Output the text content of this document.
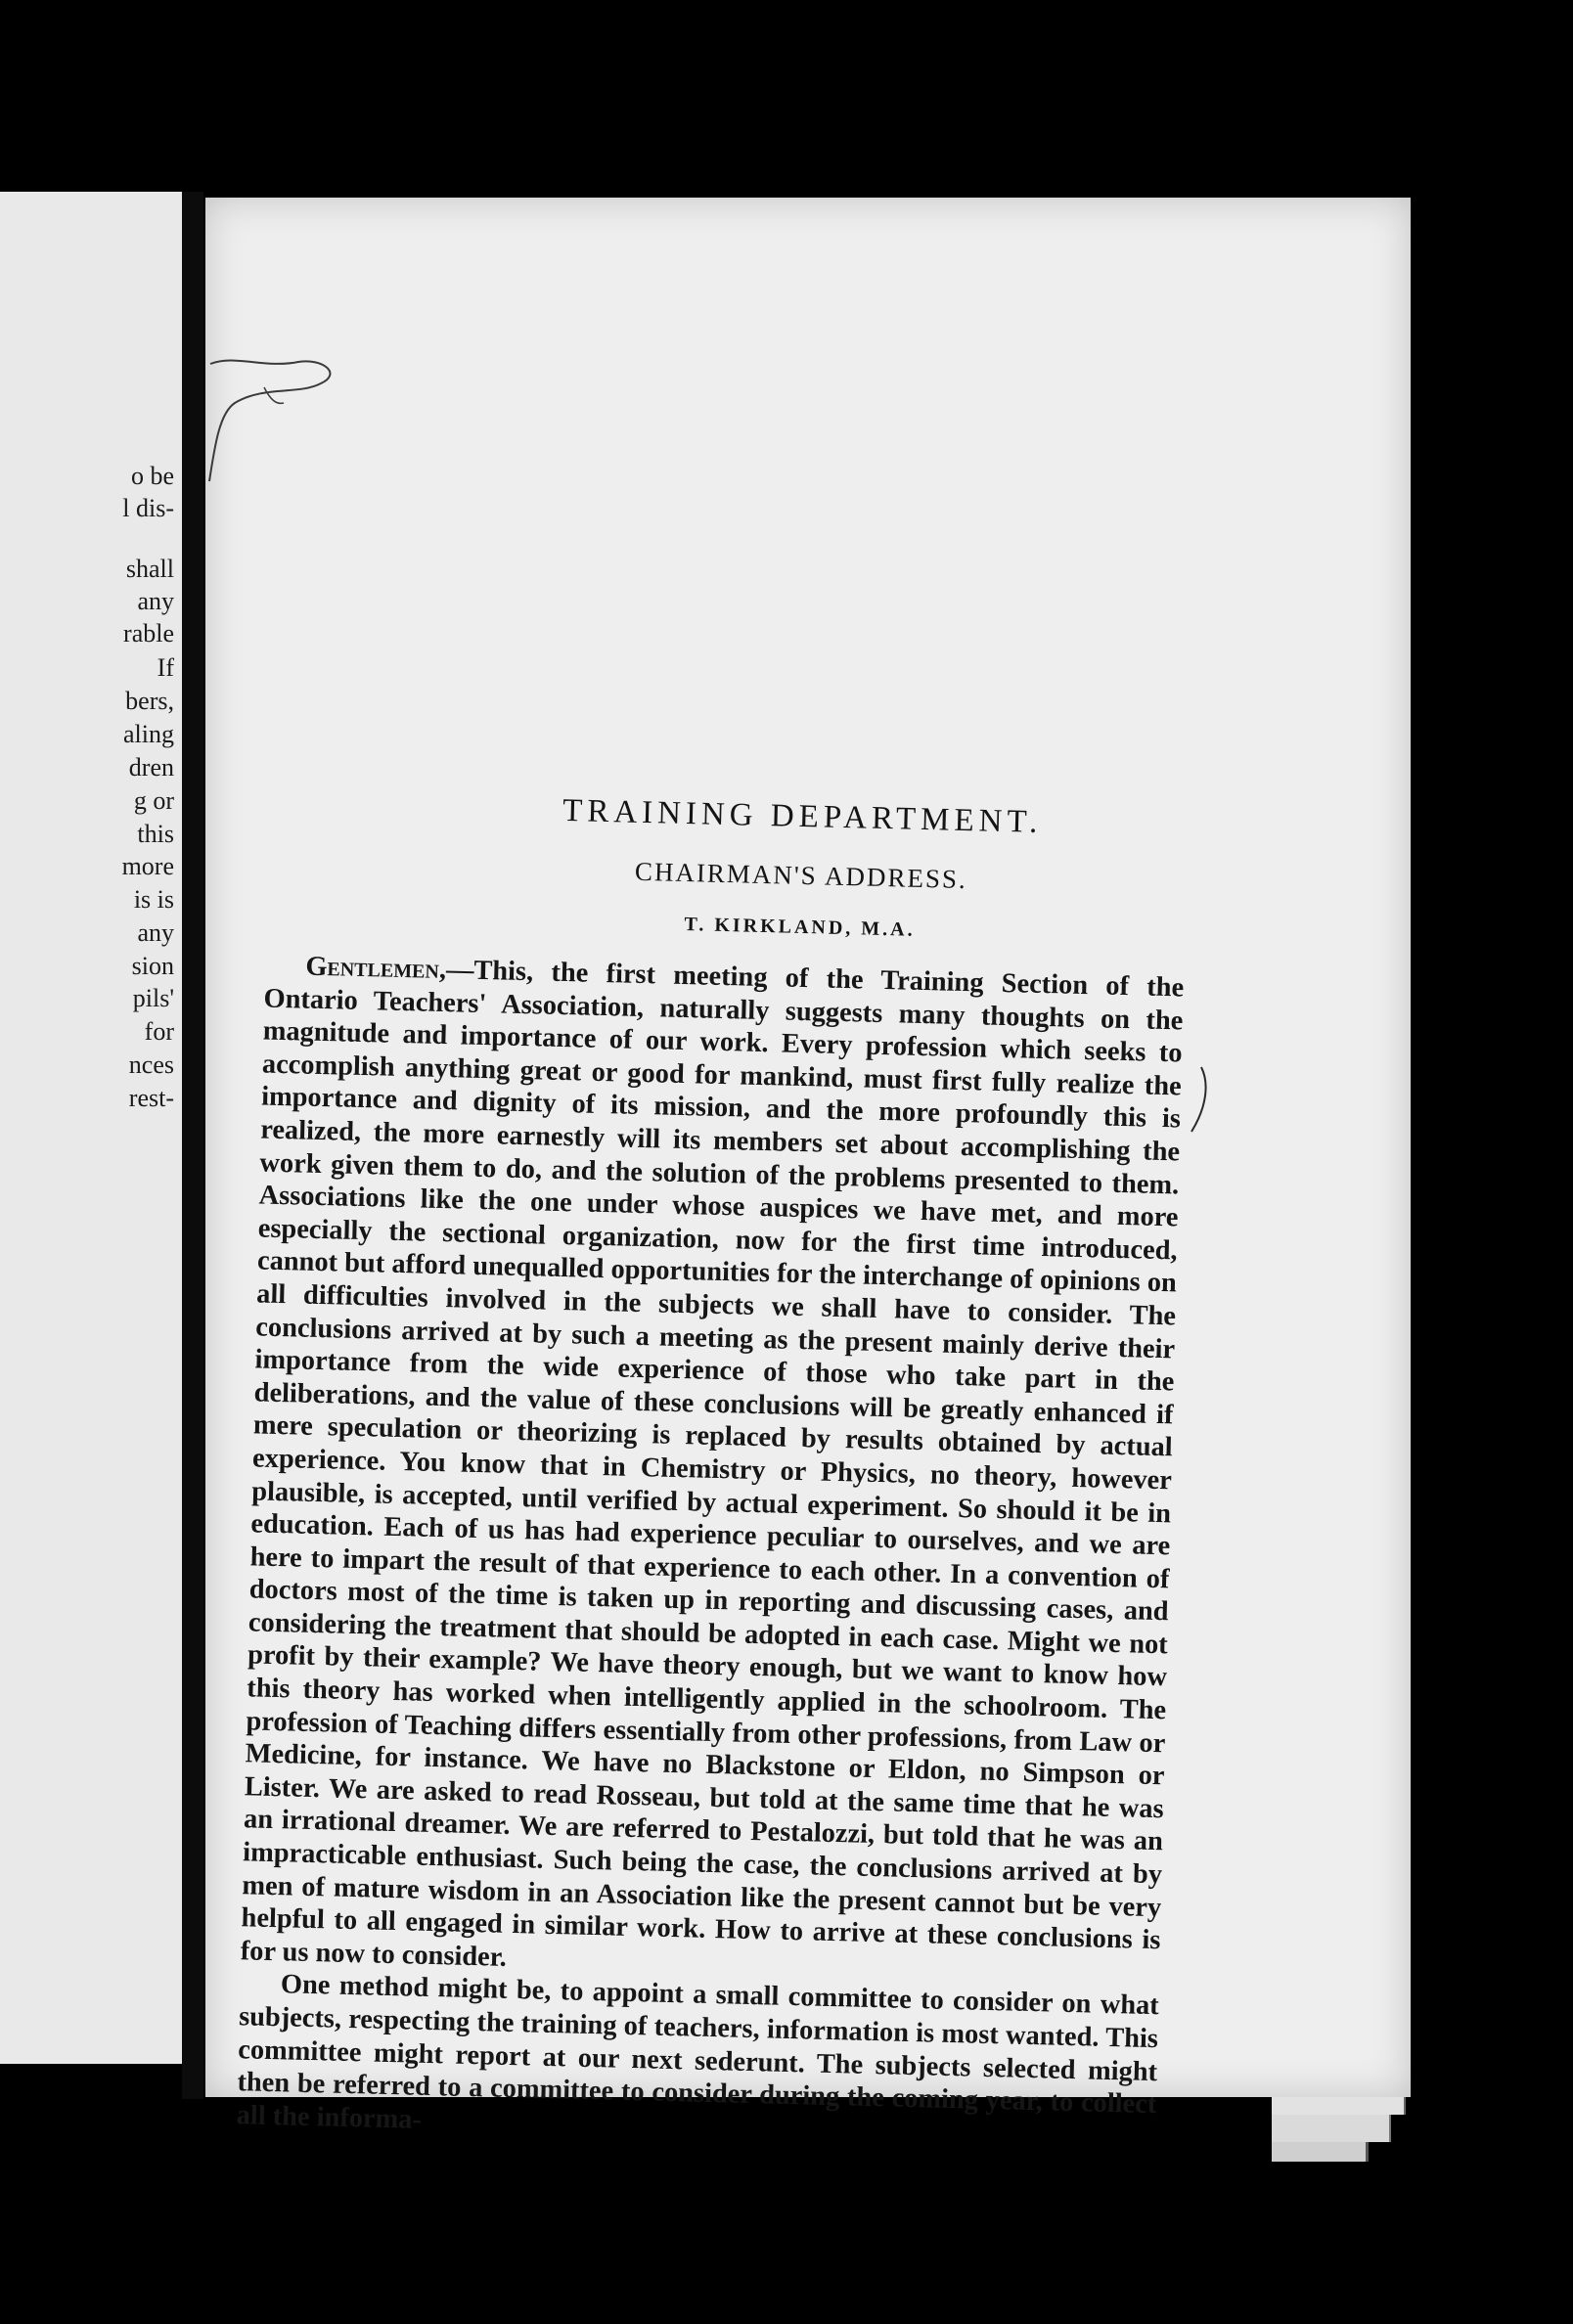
o be
l dis-
shall
any
rable
If
bers,
aling
dren
g or
this
more
is is
any
sion
pils'
for
nces
rest-
TRAINING DEPARTMENT.
CHAIRMAN'S ADDRESS.
T. KIRKLAND, M.A.

Gentlemen,—This, the first meeting of the Training Section of the Ontario Teachers' Association, naturally suggests many thoughts on the magnitude and importance of our work. Every profession which seeks to accomplish anything great or good for mankind, must first fully realize the importance and dignity of its mission, and the more profoundly this is realized, the more earnestly will its members set about accomplishing the work given them to do, and the solution of the problems presented to them. Associations like the one under whose auspices we have met, and more especially the sectional organization, now for the first time introduced, cannot but afford unequalled opportunities for the interchange of opinions on all difficulties involved in the subjects we shall have to consider. The conclusions arrived at by such a meeting as the present mainly derive their importance from the wide experience of those who take part in the deliberations, and the value of these conclusions will be greatly enhanced if mere speculation or theorizing is replaced by results obtained by actual experience. You know that in Chemistry or Physics, no theory, however plausible, is accepted, until verified by actual experiment. So should it be in education. Each of us has had experience peculiar to ourselves, and we are here to impart the result of that experience to each other. In a convention of doctors most of the time is taken up in reporting and discussing cases, and considering the treatment that should be adopted in each case. Might we not profit by their example? We have theory enough, but we want to know how this theory has worked when intelligently applied in the schoolroom. The profession of Teaching differs essentially from other professions, from Law or Medicine, for instance. We have no Blackstone or Eldon, no Simpson or Lister. We are asked to read Rosseau, but told at the same time that he was an irrational dreamer. We are referred to Pestalozzi, but told that he was an impracticable enthusiast. Such being the case, the conclusions arrived at by men of mature wisdom in an Association like the present cannot but be very helpful to all engaged in similar work. How to arrive at these conclusions is for us now to consider.

One method might be, to appoint a small committee to consider on what subjects, respecting the training of teachers, information is most wanted. This committee might report at our next sederunt. The subjects selected might then be referred to a committee to consider during the coming year, to collect all the informa-
